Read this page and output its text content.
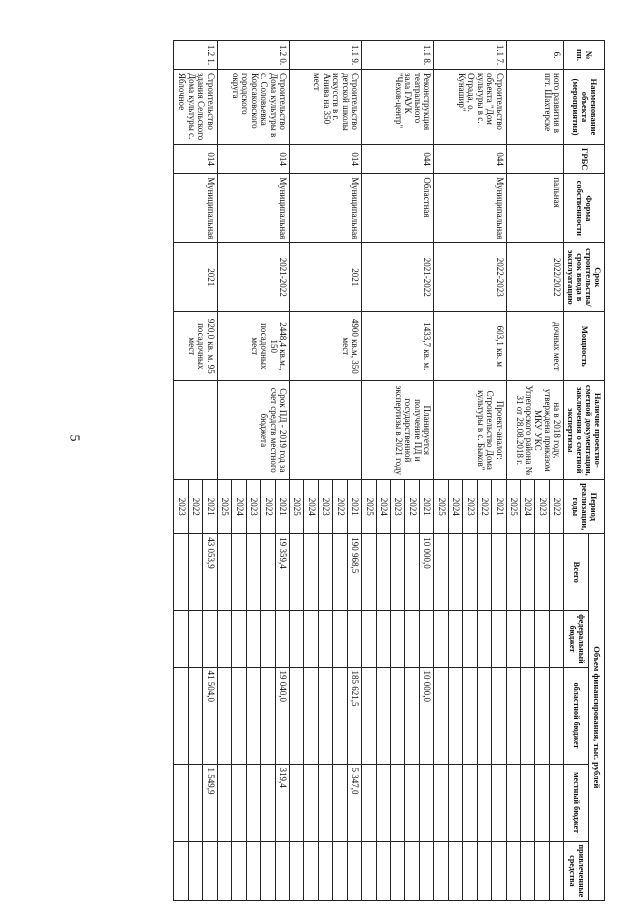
5
№ пп.	Наименование объекта (мероприятия)	ГРБС	Форма собственности	Срок строительства/срок ввода в эксплуатацию	Мощность	Наличие проектно-сметной документации, заключения о сметной экспертизы	Период реализации, годы	Объем финансирования, тыс. рублей				
								Всего	федеральный бюджет	областной бюджет	местный бюджет	привлеченные средства
6.	ного развития в пгт. Шахтерске		пальная	2022/2022	дочных мест	на в 2018 году, утверждена приказом МКУ УКС Углегорского района № 31 от 28.08.2018 г.	2022					
							2023					
							2024					
							2025					
1.1 7.	Строительство объекта "Дом культуры в с. Отрада, о. Кунашир"	044	Муниципальная	2022-2023	603,1 кв. м	Проект-аналог: Строительство Дома культуры в с. Быков"	2021					
							2022					
							2023					
							2024					
							2025					
1.1 8.	Реконструкция театрального зала ГАУК "Чехов-центр"	044	Областная	2021-2022	1433,7 кв. м.	Планируется получение ПД и государственной экспертизы в 2021 году	2021	10 000,0		10 000,0		
							2022					
							2023					
							2024					
							2025					
1.1 9.	Строительство детской школы искусств в г. Анива на 350 мест	014	Муниципальная	2021	4900 кв.м, 350 мест		2021	190 968,5		185 621,5	5 347,0	
							2022					
							2023					
							2024					
							2025					
1.2 0.	Строительство Дома культуры в с. Соловьевка Корсаковского городского округа	014	Муниципальная	2021-2022	2448,4 кв.м., 150 посадочных мест	Срок ПД - 2019 год за счет средств местного бюджета	2021	19 359,4		19 040,0	319,4	
							2022					
							2023					
							2024					
							2025					
1.2 1.	Строительство здания Сельского Дома культуры с. Яблочное	014	Муниципальная	2021	920,0 кв. м. 95 посадочных мест		2021	43 053,9		41 504,0	1 549,9	
							2022					
							2023					
